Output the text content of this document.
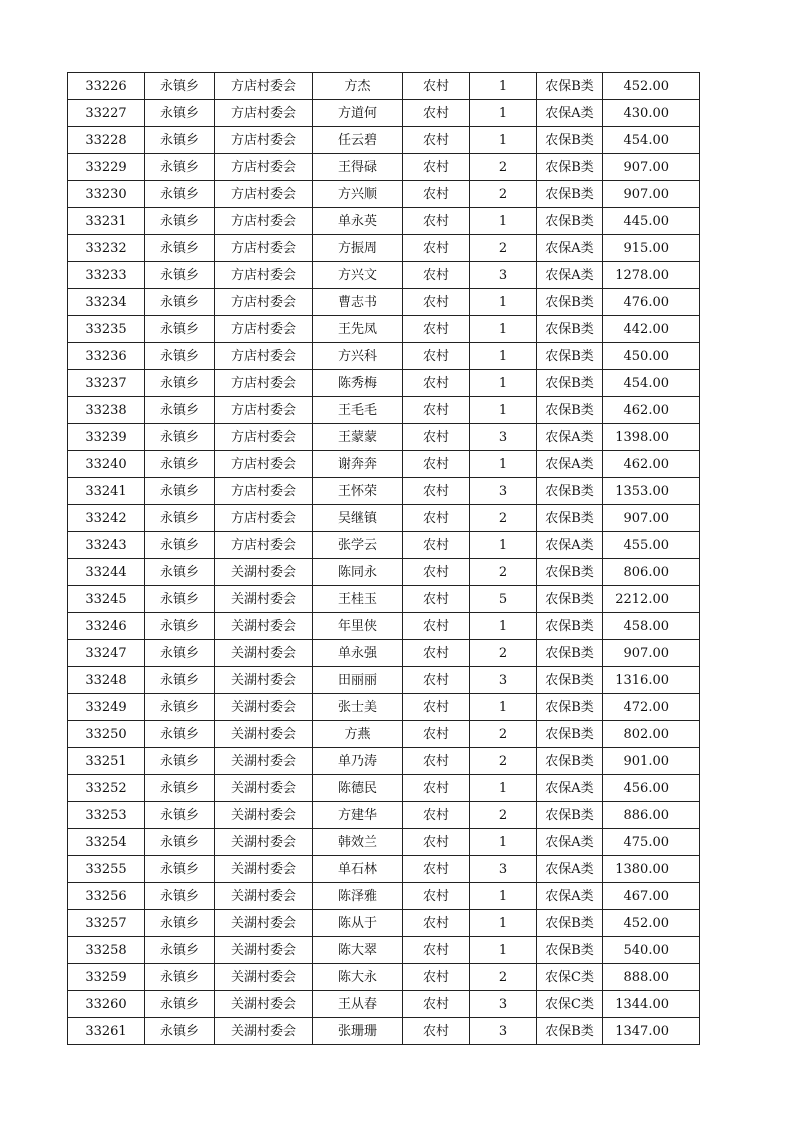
33226	永镇乡	方店村委会	方杰	农村	1	农保B类	452.00
33227	永镇乡	方店村委会	方道何	农村	1	农保A类	430.00
33228	永镇乡	方店村委会	任云碧	农村	1	农保B类	454.00
33229	永镇乡	方店村委会	王得碌	农村	2	农保B类	907.00
33230	永镇乡	方店村委会	方兴顺	农村	2	农保B类	907.00
33231	永镇乡	方店村委会	单永英	农村	1	农保B类	445.00
33232	永镇乡	方店村委会	方振周	农村	2	农保A类	915.00
33233	永镇乡	方店村委会	方兴文	农村	3	农保A类	1278.00
33234	永镇乡	方店村委会	曹志书	农村	1	农保B类	476.00
33235	永镇乡	方店村委会	王先凤	农村	1	农保B类	442.00
33236	永镇乡	方店村委会	方兴科	农村	1	农保B类	450.00
33237	永镇乡	方店村委会	陈秀梅	农村	1	农保B类	454.00
33238	永镇乡	方店村委会	王毛毛	农村	1	农保B类	462.00
33239	永镇乡	方店村委会	王蒙蒙	农村	3	农保A类	1398.00
33240	永镇乡	方店村委会	谢奔奔	农村	1	农保A类	462.00
33241	永镇乡	方店村委会	王怀荣	农村	3	农保B类	1353.00
33242	永镇乡	方店村委会	吴继镇	农村	2	农保B类	907.00
33243	永镇乡	方店村委会	张学云	农村	1	农保A类	455.00
33244	永镇乡	关湖村委会	陈同永	农村	2	农保B类	806.00
33245	永镇乡	关湖村委会	王桂玉	农村	5	农保B类	2212.00
33246	永镇乡	关湖村委会	年里侠	农村	1	农保B类	458.00
33247	永镇乡	关湖村委会	单永强	农村	2	农保B类	907.00
33248	永镇乡	关湖村委会	田丽丽	农村	3	农保B类	1316.00
33249	永镇乡	关湖村委会	张士美	农村	1	农保B类	472.00
33250	永镇乡	关湖村委会	方燕	农村	2	农保B类	802.00
33251	永镇乡	关湖村委会	单乃涛	农村	2	农保B类	901.00
33252	永镇乡	关湖村委会	陈德民	农村	1	农保A类	456.00
33253	永镇乡	关湖村委会	方建华	农村	2	农保B类	886.00
33254	永镇乡	关湖村委会	韩效兰	农村	1	农保A类	475.00
33255	永镇乡	关湖村委会	单石林	农村	3	农保A类	1380.00
33256	永镇乡	关湖村委会	陈泽雅	农村	1	农保A类	467.00
33257	永镇乡	关湖村委会	陈从于	农村	1	农保B类	452.00
33258	永镇乡	关湖村委会	陈大翠	农村	1	农保B类	540.00
33259	永镇乡	关湖村委会	陈大永	农村	2	农保C类	888.00
33260	永镇乡	关湖村委会	王从春	农村	3	农保C类	1344.00
33261	永镇乡	关湖村委会	张珊珊	农村	3	农保B类	1347.00
